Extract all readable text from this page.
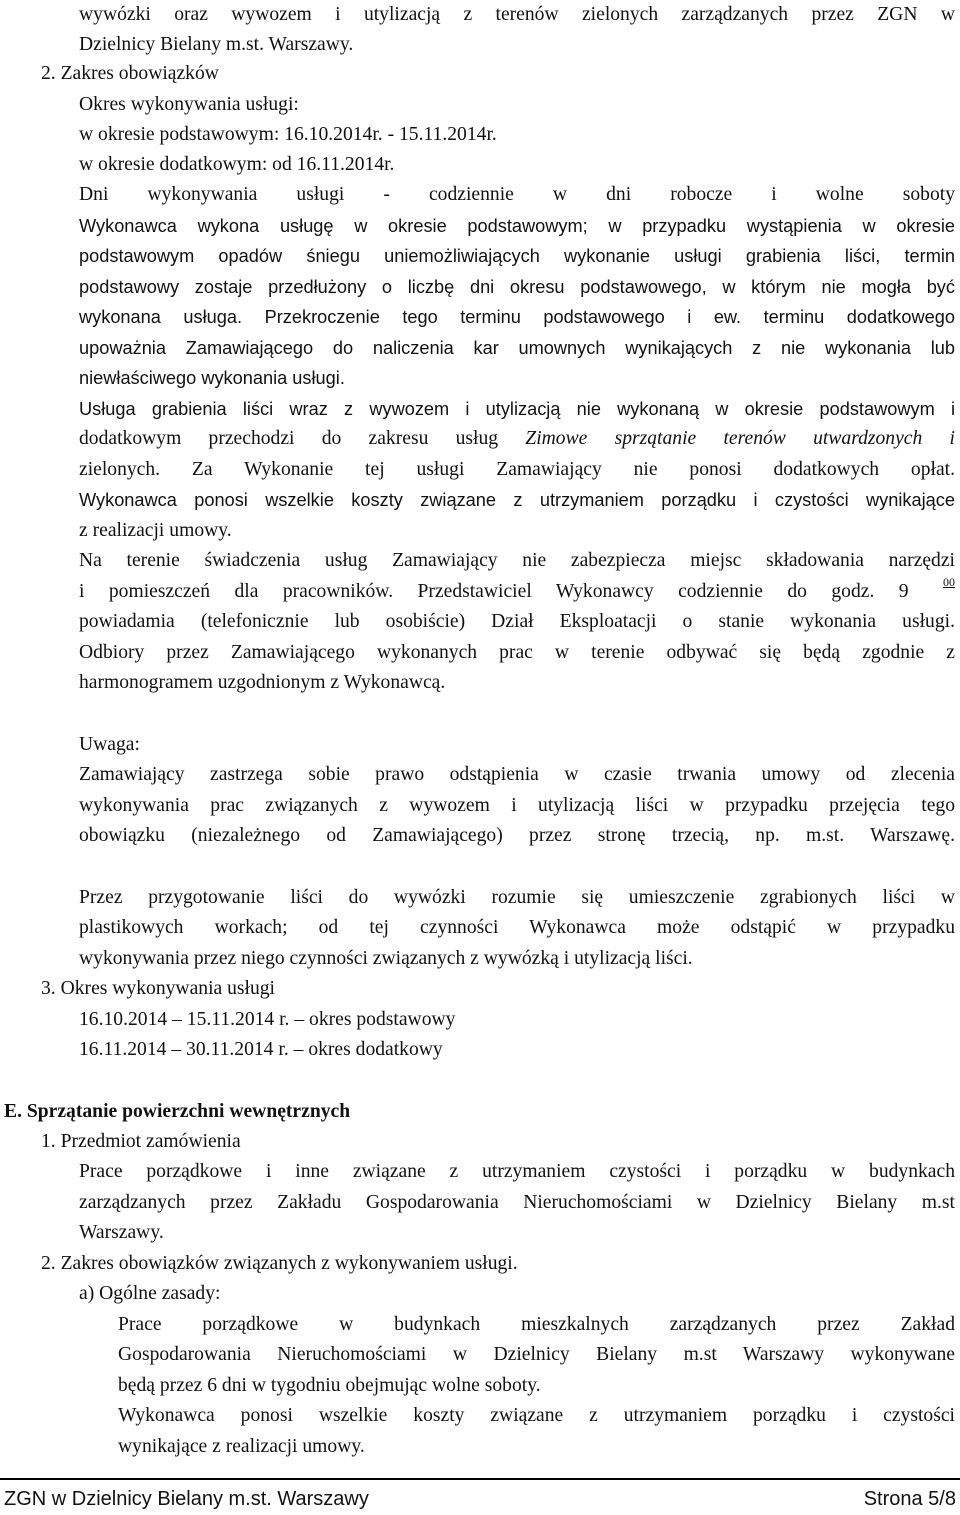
wywózki oraz wywozem i utylizacją z terenów zielonych zarządzanych przez ZGN w
Dzielnicy Bielany m.st. Warszawy.
2. Zakres obowiązków
Okres wykonywania usługi:
w okresie podstawowym: 16.10.2014r. - 15.11.2014r.
w okresie dodatkowym: od 16.11.2014r.
Dni wykonywania usługi - codziennie w dni robocze i wolne soboty
Wykonawca wykona usługę w okresie podstawowym; w przypadku wystąpienia w okresie
podstawowym opadów śniegu uniemożliwiających wykonanie usługi grabienia liści, termin
podstawowy zostaje przedłużony o liczbę dni okresu podstawowego, w którym nie mogła być
wykonana usługa. Przekroczenie tego terminu podstawowego i ew. terminu dodatkowego
upoważnia Zamawiającego do naliczenia kar umownych wynikających z nie wykonania lub
niewłaściwego wykonania usługi.
Usługa grabienia liści wraz z wywozem i utylizacją nie wykonaną w okresie podstawowym i
dodatkowym przechodzi do zakresu usług Zimowe sprzątanie terenów utwardzonych i
zielonych. Za Wykonanie tej usługi Zamawiający nie ponosi dodatkowych opłat.
Wykonawca ponosi wszelkie koszty związane z utrzymaniem porządku i czystości wynikające
z realizacji umowy.
Na terenie świadczenia usług Zamawiający nie zabezpiecza miejsc składowania narzędzi
i pomieszczeń dla pracowników. Przedstawiciel Wykonawcy codziennie do godz. 9	$^{00}$
powiadamia (telefonicznie lub osobiście) Dział Eksploatacji o stanie wykonania usługi.
Odbiory przez Zamawiającego wykonanych prac w terenie odbywać się będą zgodnie z
harmonogramem uzgodnionym z Wykonawcą.
Uwaga:
Zamawiający zastrzega sobie prawo odstąpienia w czasie trwania umowy od zlecenia
wykonywania prac związanych z wywozem i utylizacją liści w przypadku przejęcia tego
obowiązku (niezależnego od Zamawiającego) przez stronę trzecią, np. m.st. Warszawę.
Przez przygotowanie liści do wywózki rozumie się umieszczenie zgrabionych liści w
plastikowych workach; od tej czynności Wykonawca może odstąpić w przypadku
wykonywania przez niego czynności związanych z wywózką i utylizacją liści.
3. Okres wykonywania usługi
16.10.2014 – 15.11.2014 r. – okres podstawowy
16.11.2014 – 30.11.2014 r. – okres dodatkowy
E. Sprzątanie powierzchni wewnętrznych
1. Przedmiot zamówienia
Prace porządkowe i inne związane z utrzymaniem czystości i porządku w budynkach
zarządzanych przez Zakładu Gospodarowania Nieruchomościami w Dzielnicy Bielany m.st
Warszawy.
2. Zakres obowiązków związanych z wykonywaniem usługi.
a) Ogólne zasady:
Prace porządkowe w budynkach mieszkalnych zarządzanych przez Zakład
Gospodarowania Nieruchomościami w Dzielnicy Bielany m.st Warszawy wykonywane
będą przez 6 dni w tygodniu obejmując wolne soboty.
Wykonawca ponosi wszelkie koszty związane z utrzymaniem porządku i czystości
wynikające z realizacji umowy.
ZGN w Dzielnicy Bielany m.st. Warszawy	Strona 5/8
